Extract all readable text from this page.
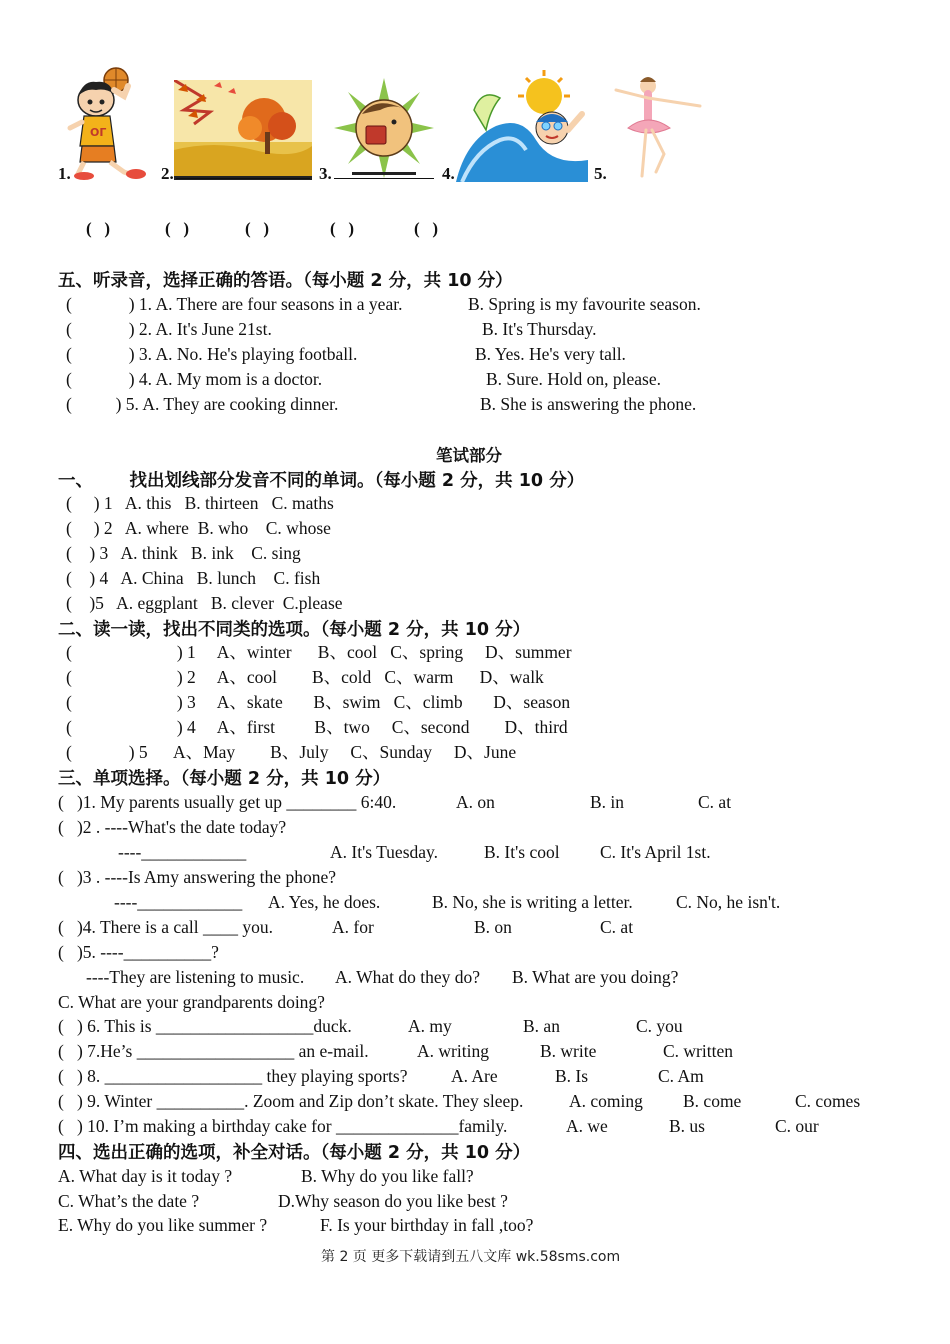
ОГ
1.	2.	3.	4.	5.
(   )	(   )	(   )	(   )	(   )
五、听录音，选择正确的答语。（每小题 2 分，共 10 分）
(             ) 1. A. There are four seasons in a year.	B. Spring is my favourite season.
(             ) 2. A. It's June 21st.	B. It's Thursday.
(             ) 3. A. No. He's playing football.	B. Yes. He's very tall.
(             ) 4. A. My mom is a doctor.	B. Sure. Hold on, please.
(          ) 5. A. They are cooking dinner.	B. She is answering the phone.
笔试部分
一、      找出划线部分发音不同的单词。（每小题 2 分，共 10 分）
(     ) 1   A. this   B. thirteen   C. maths
(     ) 2   A. where  B. who    C. whose
(    ) 3   A. think   B. ink    C. sing
(    ) 4   A. China   B. lunch    C. fish
(    )5   A. eggplant   B. clever  C.please
二、读一读，找出不同类的选项。（每小题 2 分，共 10 分）
(                        ) 1     A、winter      B、cool   C、spring     D、summer
(                        ) 2     A、cool        B、cold   C、warm      D、walk
(                        ) 3     A、skate       B、swim   C、climb       D、season
(                        ) 4     A、first         B、two     C、second        D、third
(             ) 5      A、May        B、July     C、Sunday     D、June
三、单项选择。（每小题 2 分，共 10 分）
(   )1. My parents usually get up ________ 6:40.	A. on	B. in	C. at
(   )2 . ----What's the date today?
----____________	A. It's Tuesday.	B. It's cool C. It's April 1st.
(   )3 . ----Is Amy answering the phone?
----____________ A. Yes, he does.	B. No, she is writing a letter. C. No, he isn't.
(   )4. There is a call ____ you.	A. for	B. on	C. at
(   )5. ----__________?
----They are listening to music. A. What do they do? B. What are you doing?
C. What are your grandparents doing?
(   ) 6. This is __________________duck.	A. my	B. an	C. you
(   ) 7.He’s __________________ an e-mail.	A. writing	B. write	C. written
(   ) 8. __________________ they playing sports? A. Are	B. Is	C. Am
(   ) 9. Winter __________. Zoom and Zip don’t skate. They sleep.	A. coming B. come	C. comes
(   ) 10. I’m making a birthday cake for ______________family.	A. we	B. us	C. our
四、选出正确的选项，补全对话。（每小题 2 分，共 10 分）
A. What day is it today ?	B. Why do you like fall?
C. What’s the date ?	D.Why season do you like best ?
E. Why do you like summer ?	F. Is your birthday in fall ,too?
第 2 页 更多下载请到五八文库 wk.58sms.com
